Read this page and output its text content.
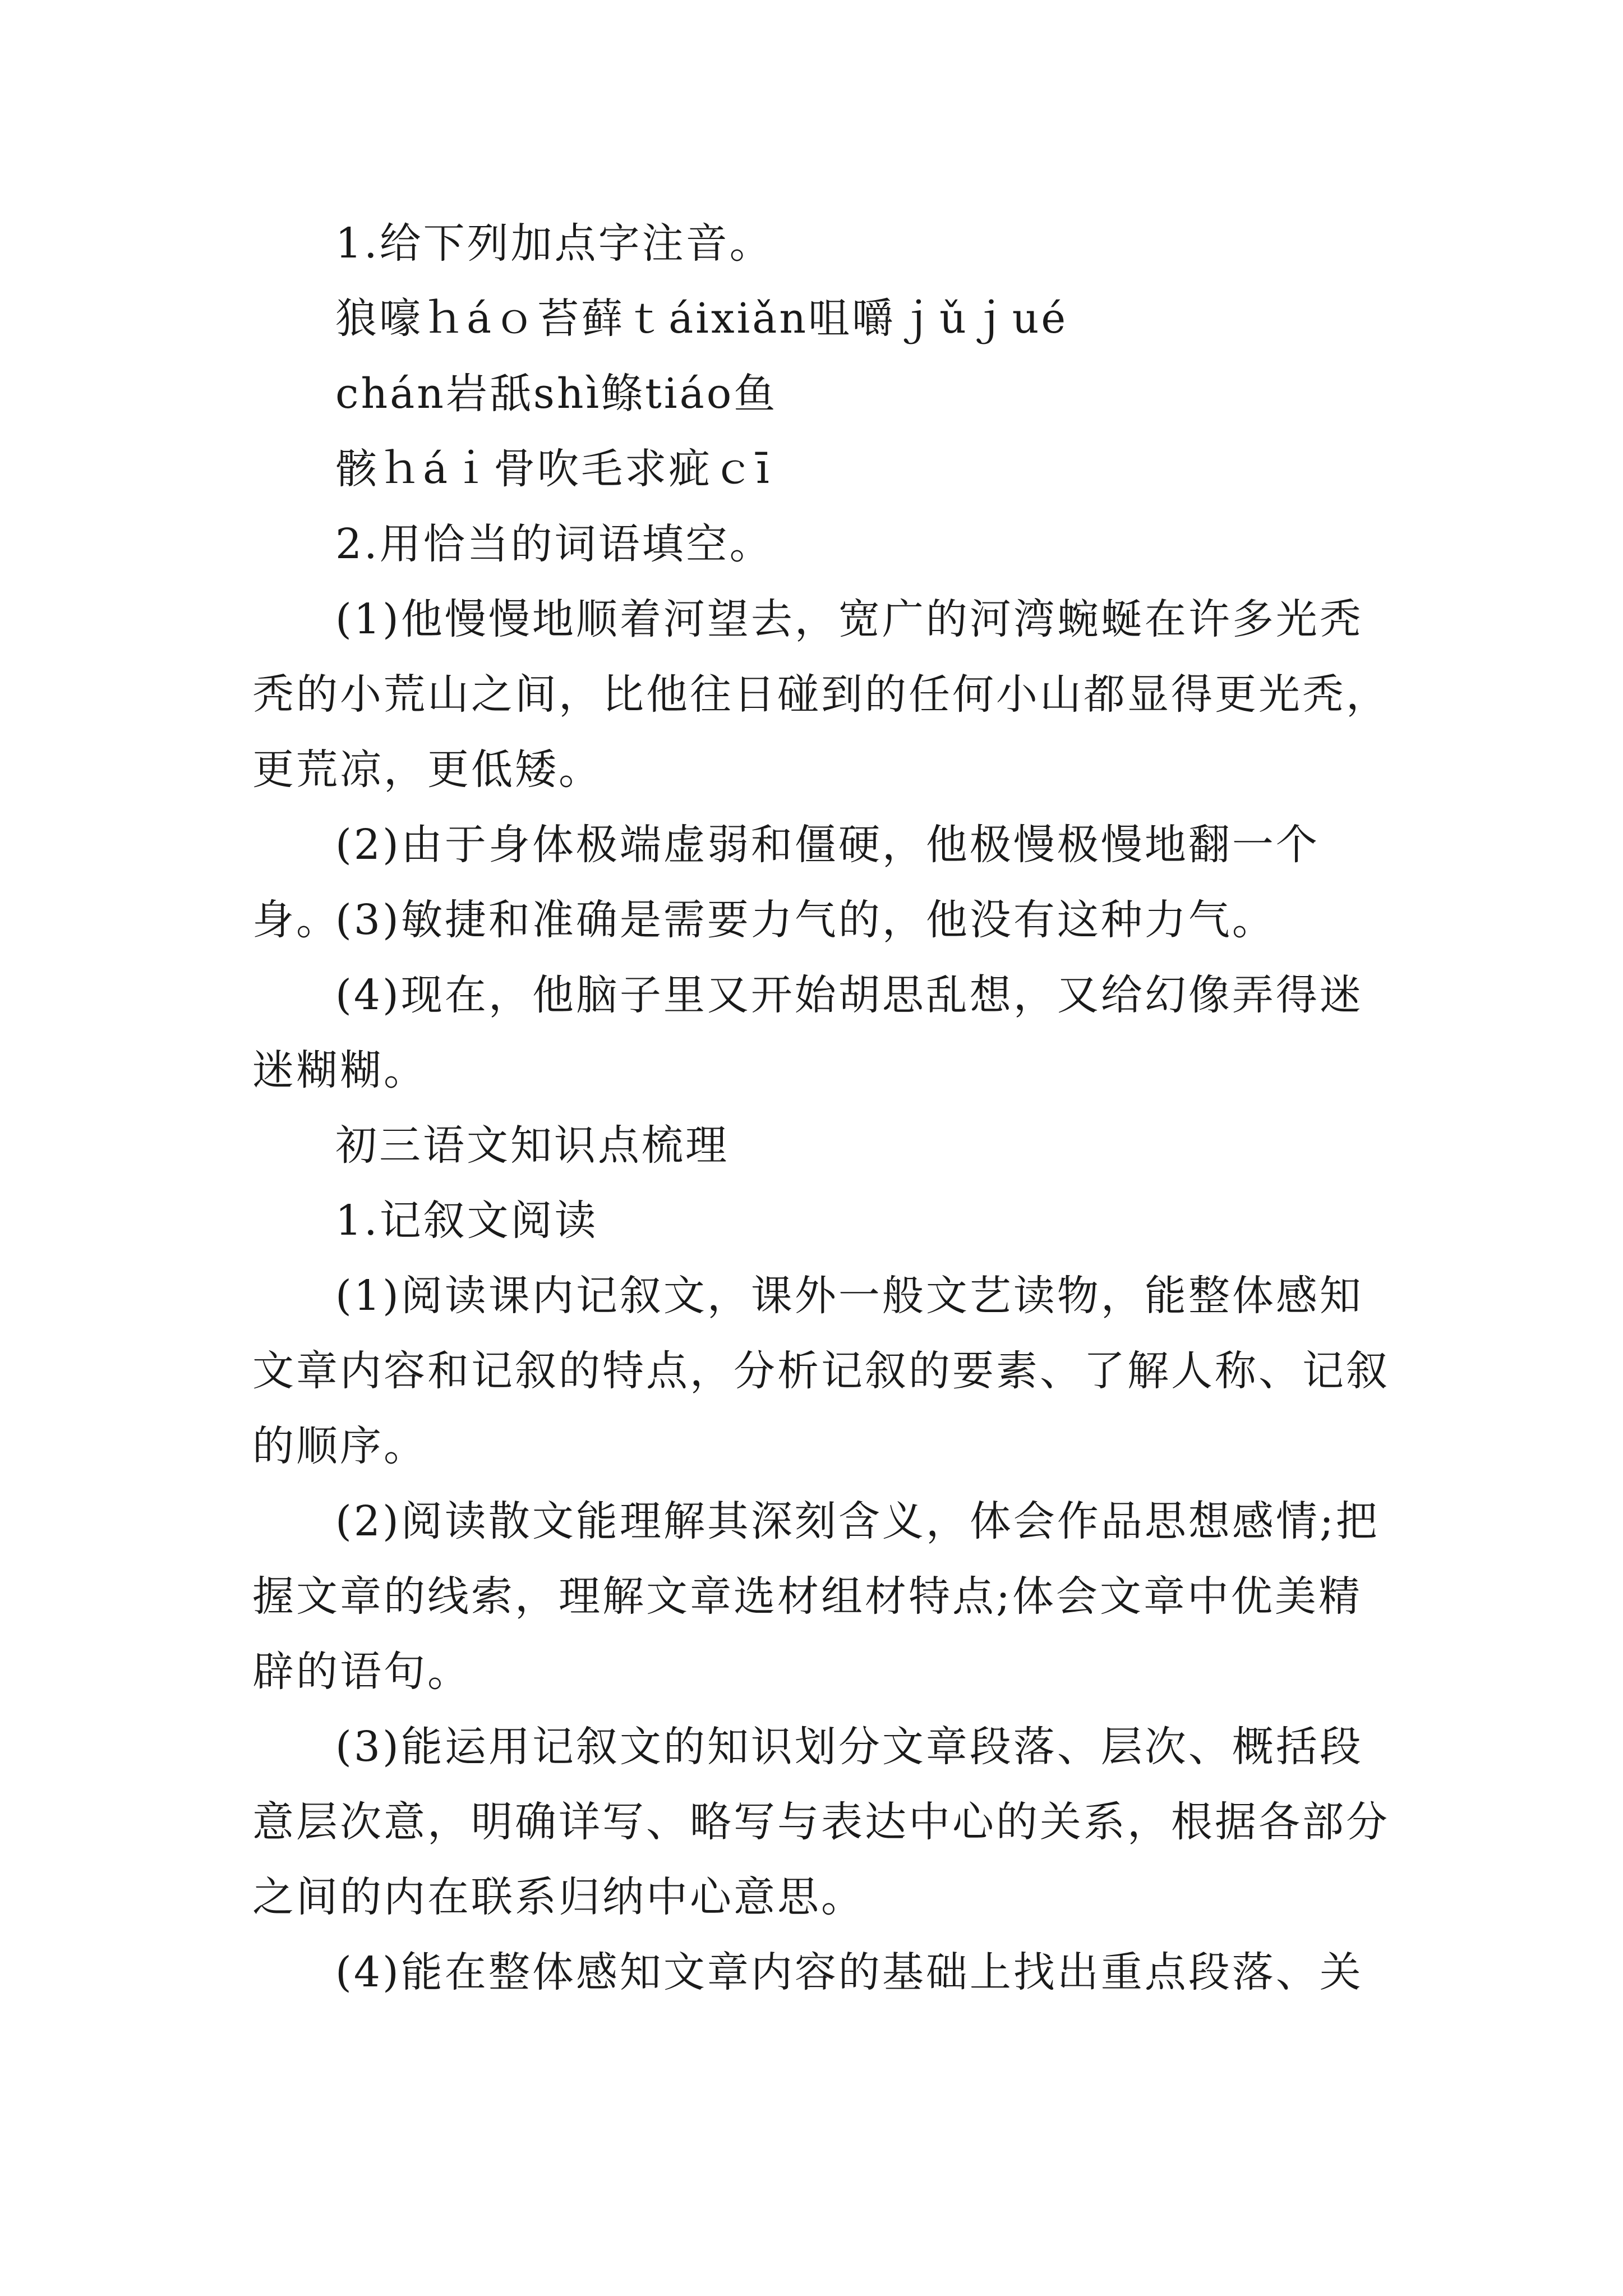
1.给下列加点字注音。

狼嚎ｈáｏ苔藓ｔáixiǎn咀嚼ｊǔｊué

chán岩舐shì鲦tiáo鱼

骸ｈáｉ骨吹毛求疵ｃī

2.用恰当的词语填空。

(1)他慢慢地顺着河望去，宽广的河湾蜿蜒在许多光秃秃的小荒山之间，比他往日碰到的任何小山都显得更光秃，更荒凉，更低矮。

(2)由于身体极端虚弱和僵硬，他极慢极慢地翻一个身。

(3)敏捷和准确是需要力气的，他没有这种力气。

(4)现在，他脑子里又开始胡思乱想，又给幻像弄得迷迷糊糊。

初三语文知识点梳理

1.记叙文阅读

(1)阅读课内记叙文，课外一般文艺读物，能整体感知文章内容和记叙的特点，分析记叙的要素、了解人称、记叙的顺序。

(2)阅读散文能理解其深刻含义，体会作品思想感情;把握文章的线索，理解文章选材组材特点;体会文章中优美精辟的语句。

(3)能运用记叙文的知识划分文章段落、层次、概括段意层次意，明确详写、略写与表达中心的关系，根据各部分之间的内在联系归纳中心意思。

(4)能在整体感知文章内容的基础上找出重点段落、关
